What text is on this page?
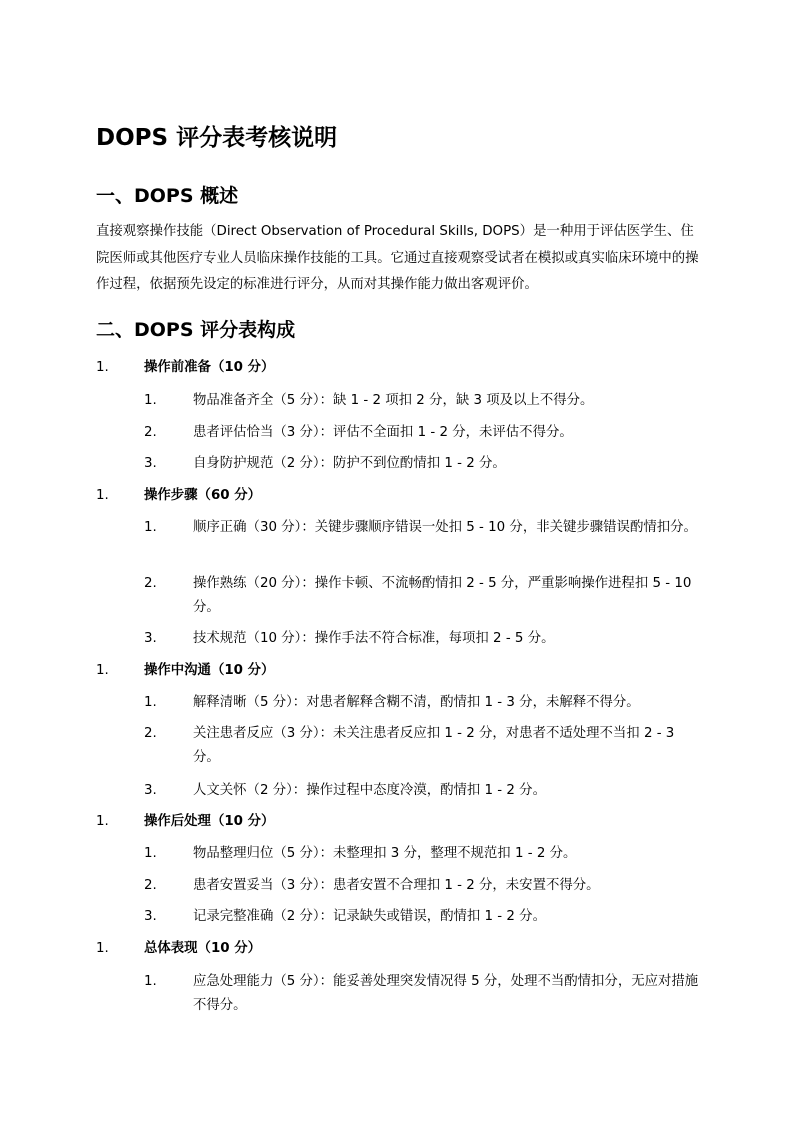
DOPS 评分表考核说明
一、DOPS 概述

直接观察操作技能（Direct Observation of Procedural Skills, DOPS）是一种用于评估医学生、住院医师或其他医疗专业人员临床操作技能的工具。它通过直接观察受试者在模拟或真实临床环境中的操作过程，依据预先设定的标准进行评分，从而对其操作能力做出客观评价。

二、DOPS 评分表构成
1.	操作前准备（10 分）
1.	物品准备齐全（5 分）：缺 1 - 2 项扣 2 分，缺 3 项及以上不得分。
2.	患者评估恰当（3 分）：评估不全面扣 1 - 2 分，未评估不得分。
3.	自身防护规范（2 分）：防护不到位酌情扣 1 - 2 分。
1.	操作步骤（60 分）
1.	顺序正确（30 分）：关键步骤顺序错误一处扣 5 - 10 分，非关键步骤错误酌情扣分。
2.	操作熟练（20 分）：操作卡顿、不流畅酌情扣 2 - 5 分，严重影响操作进程扣 5 - 10 分。
3.	技术规范（10 分）：操作手法不符合标准，每项扣 2 - 5 分。
1.	操作中沟通（10 分）
1.	解释清晰（5 分）：对患者解释含糊不清，酌情扣 1 - 3 分，未解释不得分。
2.	关注患者反应（3 分）：未关注患者反应扣 1 - 2 分，对患者不适处理不当扣 2 - 3 分。
3.	人文关怀（2 分）：操作过程中态度冷漠，酌情扣 1 - 2 分。
1.	操作后处理（10 分）
1.	物品整理归位（5 分）：未整理扣 3 分，整理不规范扣 1 - 2 分。
2.	患者安置妥当（3 分）：患者安置不合理扣 1 - 2 分，未安置不得分。
3.	记录完整准确（2 分）：记录缺失或错误，酌情扣 1 - 2 分。
1.	总体表现（10 分）
1.	应急处理能力（5 分）：能妥善处理突发情况得 5 分，处理不当酌情扣分，无应对措施不得分。
